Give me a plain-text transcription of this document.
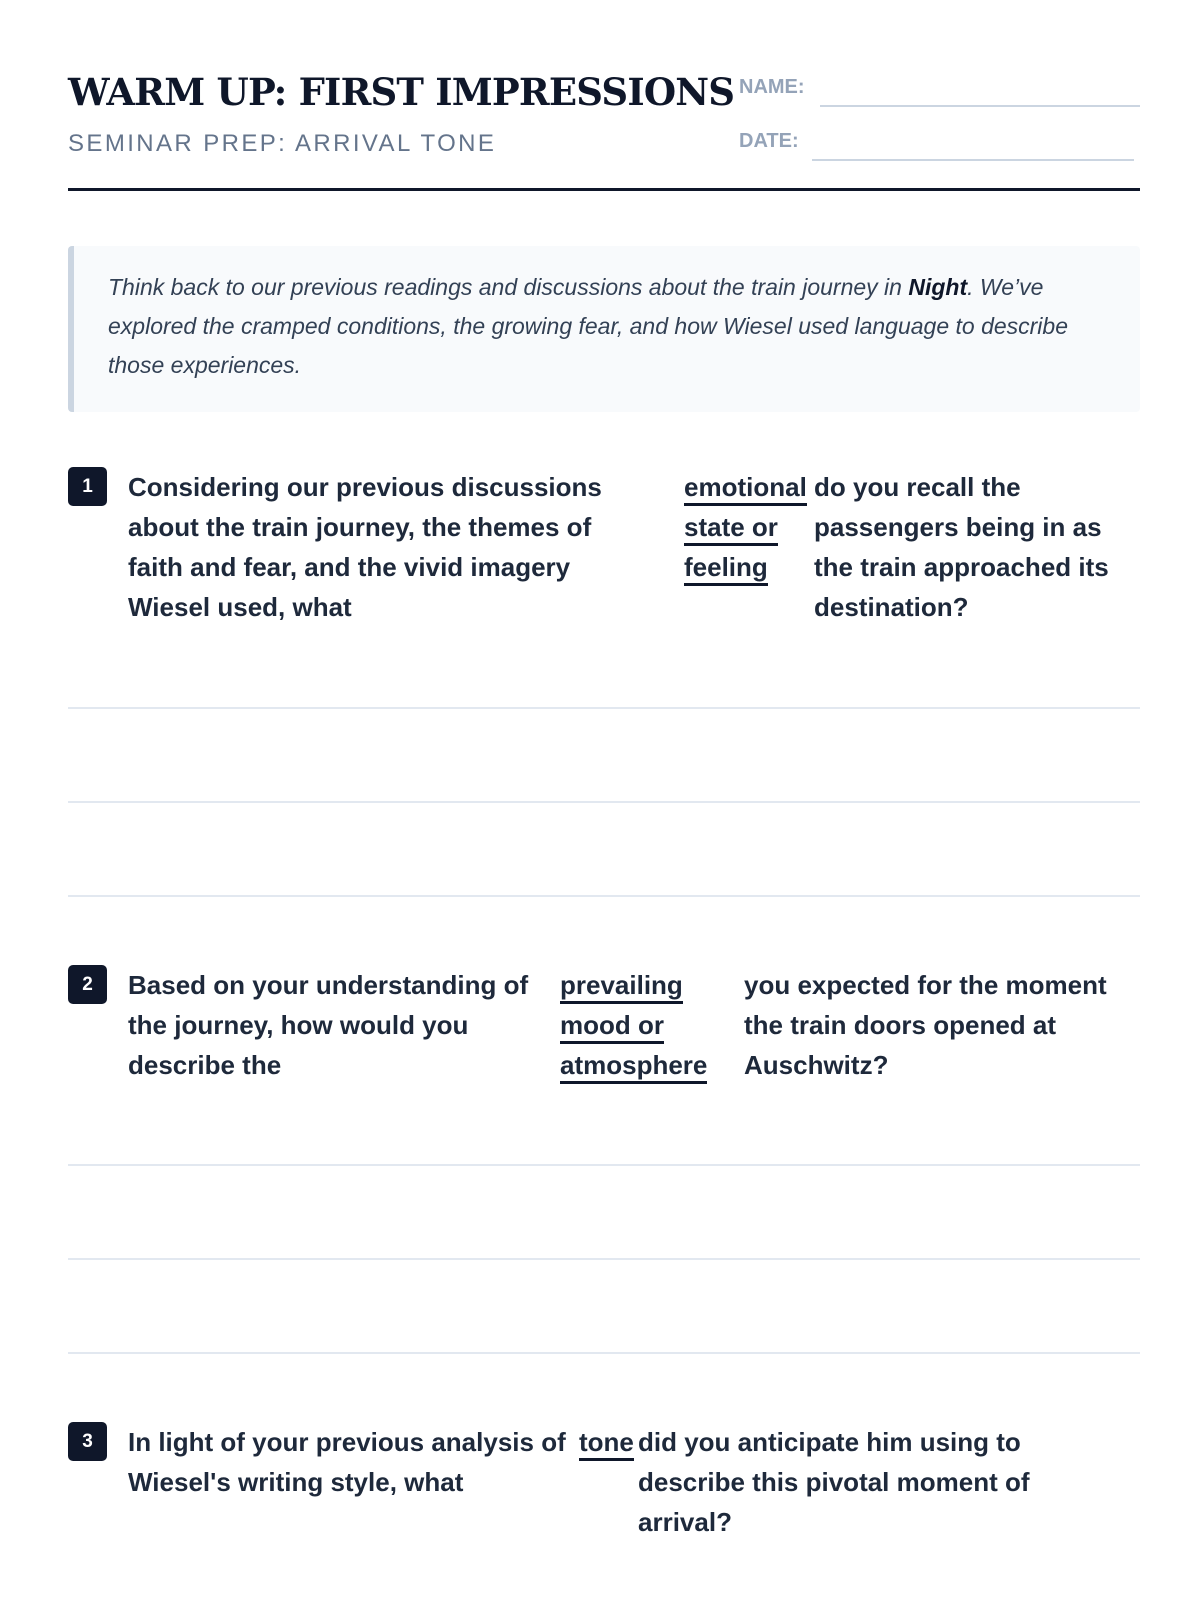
WARM UP: FIRST IMPRESSIONS
SEMINAR PREP: ARRIVAL TONE
NAME:
DATE:

Think back to our previous readings and discussions about the train journey in Night. We’ve explored the cramped conditions, the growing fear, and how Wiesel used language to describe those experiences.

1	Considering our previous discussions about the train journey, the themes of faith and fear, and the vivid imagery Wiesel used, what
emotional state or feeling
do you recall the passengers being in as the train approached its destination?
2	Based on your understanding of the journey, how would you describe the
prevailing mood or atmosphere
you expected for the moment the train doors opened at Auschwitz?
3	In light of your previous analysis of Wiesel's writing style, what
tone did you anticipate him using to describe this pivotal moment of arrival?
